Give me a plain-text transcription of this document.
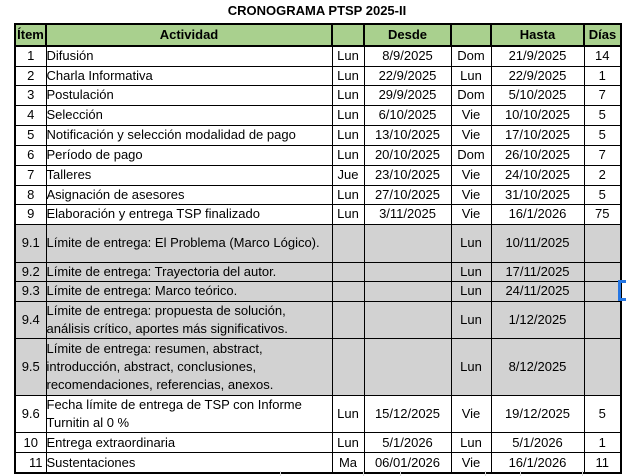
CRONOGRAMA PTSP 2025-II
Ítem	Actividad		Desde		Hasta	Días
1	Difusión	Lun	8/9/2025	Dom	21/9/2025	14
2	Charla Informativa	Lun	22/9/2025	Lun	22/9/2025	1
3	Postulación	Lun	29/9/2025	Dom	5/10/2025	7
4	Selección	Lun	6/10/2025	Vie	10/10/2025	5
5	Notificación y selección modalidad de pago	Lun	13/10/2025	Vie	17/10/2025	5
6	Período de pago	Lun	20/10/2025	Dom	26/10/2025	7
7	Talleres	Jue	23/10/2025	Vie	24/10/2025	2
8	Asignación de asesores	Lun	27/10/2025	Vie	31/10/2025	5
9	Elaboración y entrega TSP finalizado	Lun	3/11/2025	Vie	16/1/2026	75
9.1	Límite de entrega: El Problema (Marco Lógico).			Lun	10/11/2025	
9.2	Límite de entrega: Trayectoria del autor.			Lun	17/11/2025	
9.3	Límite de entrega: Marco teórico.			Lun	24/11/2025	
9.4	Límite de entrega: propuesta de solución, análisis crítico, aportes más significativos.			Lun	1/12/2025	
9.5	Límite de entrega: resumen, abstract, introducción, abstract, conclusiones, recomendaciones, referencias, anexos.			Lun	8/12/2025	
9.6	Fecha límite de entrega de TSP con Informe Turnitin al 0 %	Lun	15/12/2025	Vie	19/12/2025	5
10	Entrega extraordinaria	Lun	5/1/2026	Lun	5/1/2026	1
11	Sustentaciones	Ma	06/01/2026	Vie	16/1/2026	11
